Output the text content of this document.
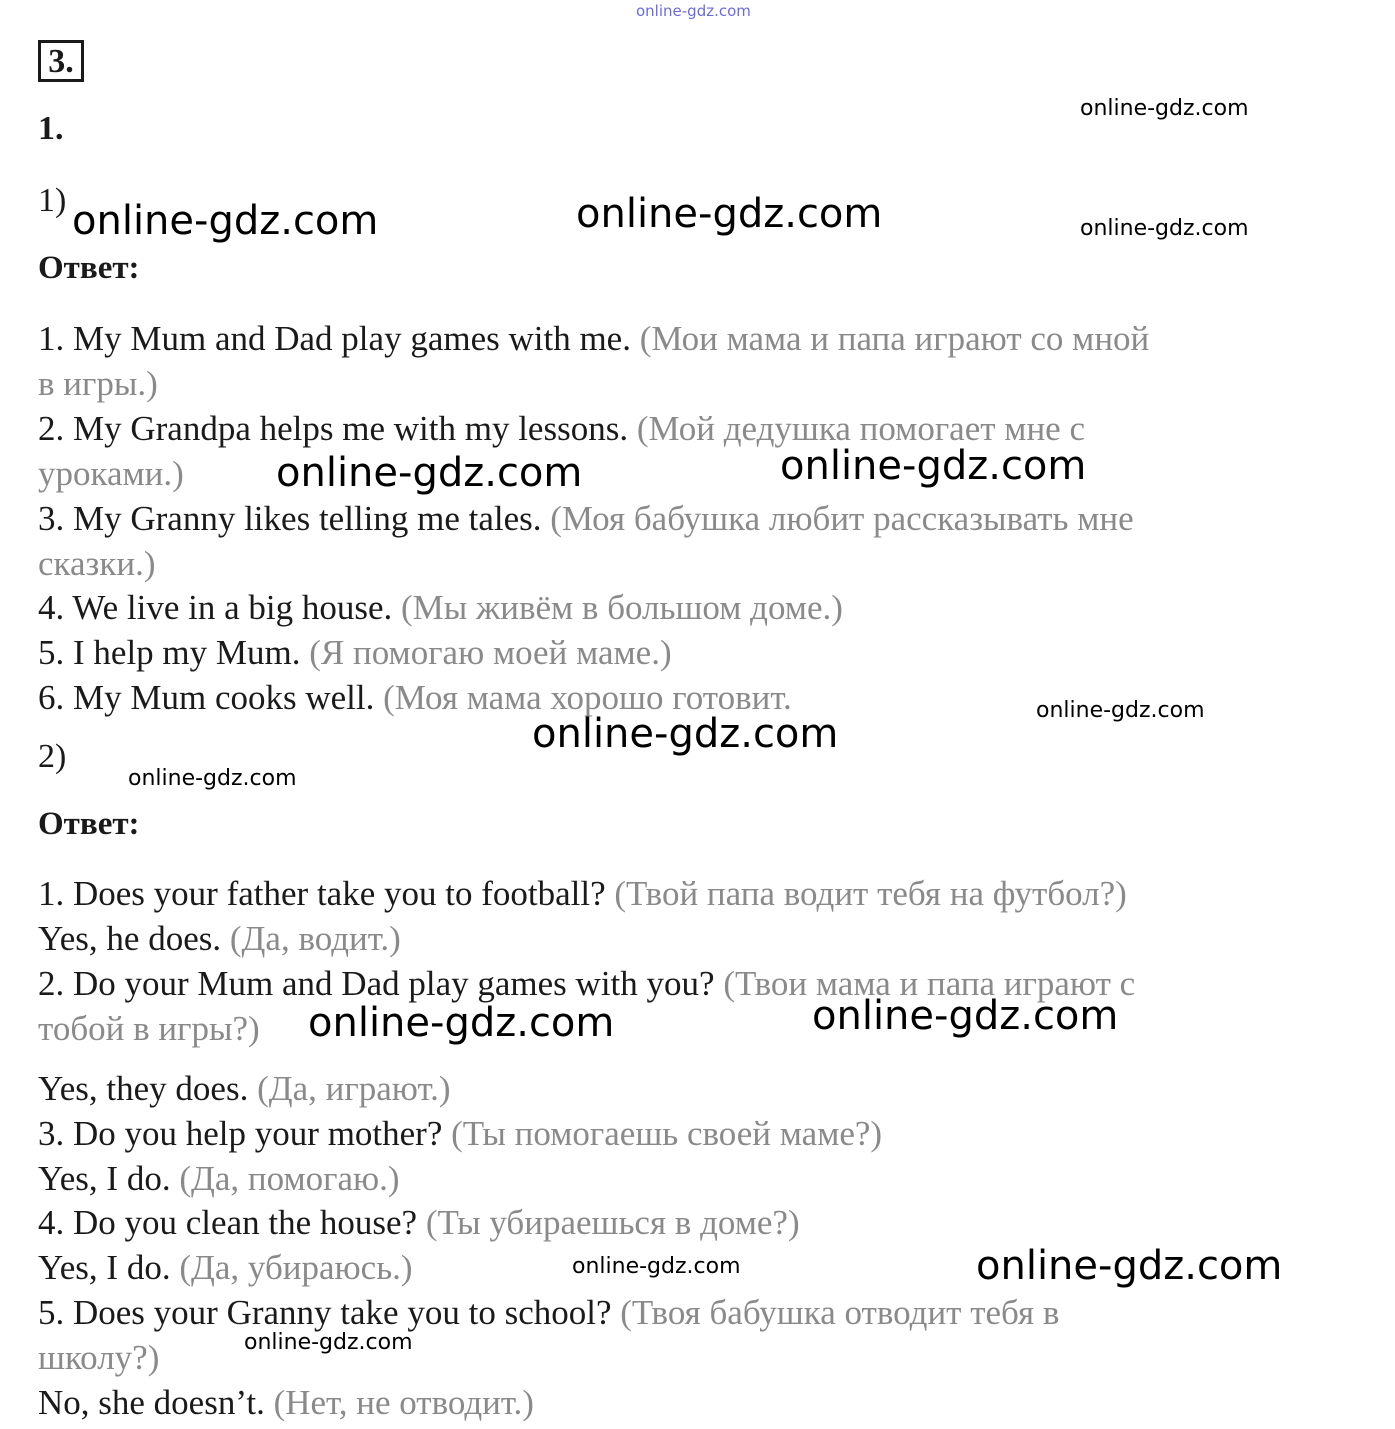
online-gdz.com
3.
1.
1)
Ответ:
1. My Mum and Dad play games with me. (Мои мама и папа играют со мной
в игры.)
2. My Grandpa helps me with my lessons. (Мой дедушка помогает мне с
уроками.)
3. My Granny likes telling me tales. (Моя бабушка любит рассказывать мне
сказки.)
4. We live in a big house. (Мы живём в большом доме.)
5. I help my Mum. (Я помогаю моей маме.)
6. My Mum cooks well. (Моя мама хорошо готовит.
2)
Ответ:
1. Does your father take you to football? (Твой папа водит тебя на футбол?)
Yes, he does. (Да, водит.)
2. Do your Mum and Dad play games with you? (Твои мама и папа играют с
тобой в игры?)
Yes, they does. (Да, играют.)
3. Do you help your mother? (Ты помогаешь своей маме?)
Yes, I do. (Да, помогаю.)
4. Do you clean the house? (Ты убираешься в доме?)
Yes, I do. (Да, убираюсь.)
5. Does your Granny take you to school? (Твоя бабушка отводит тебя в
школу?)
No, she doesn’t. (Нет, не отводит.)
online-gdz.com
online-gdz.com	online-gdz.com	online-gdz.com
online-gdz.com	online-gdz.com
online-gdz.com
online-gdz.com
online-gdz.com
online-gdz.com	online-gdz.com
online-gdz.com	online-gdz.com
online-gdz.com
